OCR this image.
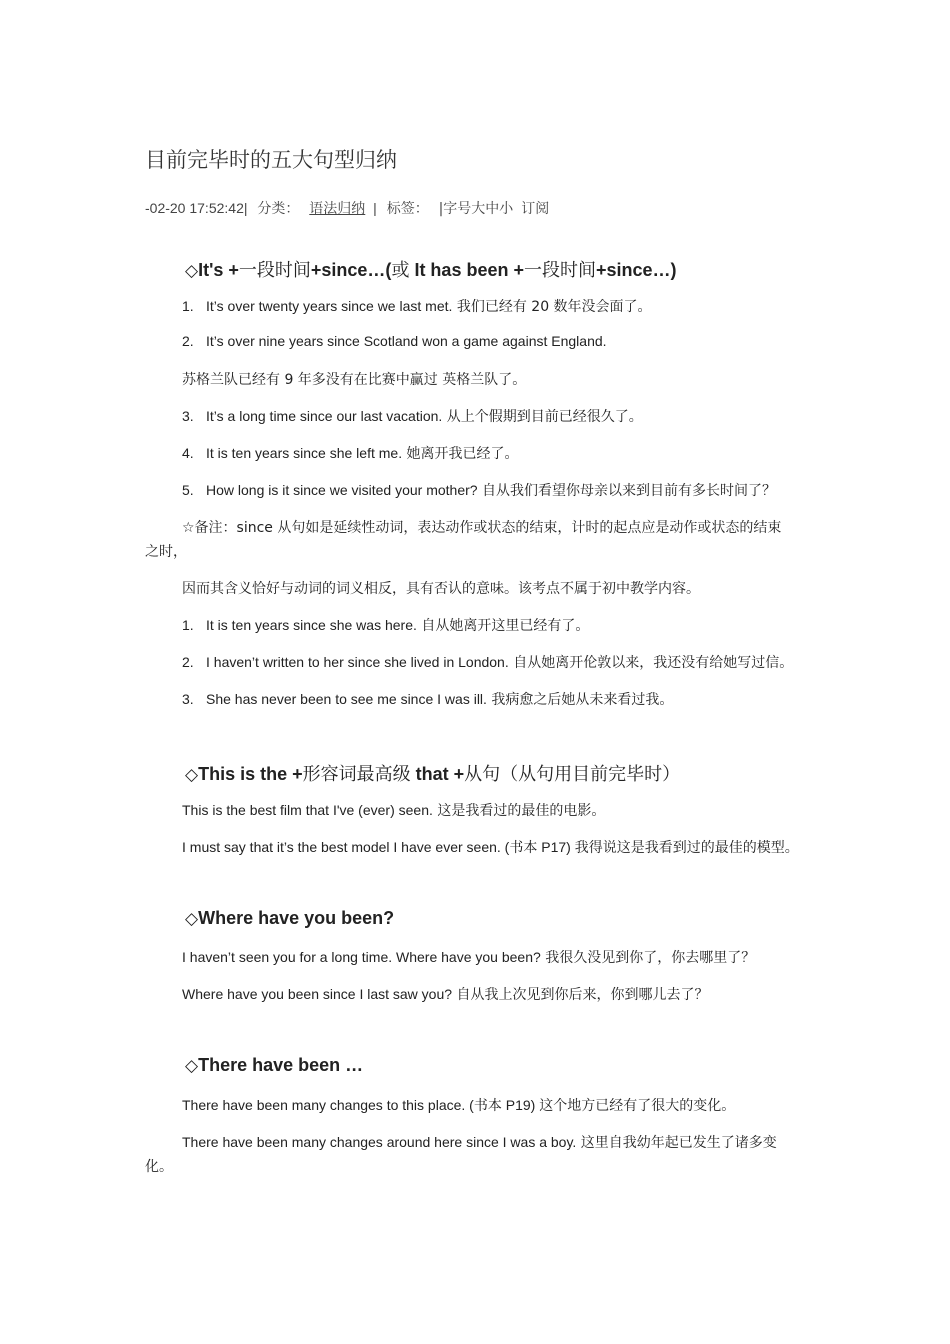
目前完毕时的五大句型归纳
-02-20 17:52:42| 分类： 语法归纳 | 标签： |字号大中小 订阅
◇It's +一段时间+since…(或 It has been +一段时间+since…)

1. It’s over twenty years since we last met. 我们已经有 20 数年没会面了。

2. It’s over nine years since Scotland won a game against England.

苏格兰队已经有 9 年多没有在比赛中赢过 英格兰队了。

3. It’s a long time since our last vacation. 从上个假期到目前已经很久了。

4. It is ten years since she left me. 她离开我已经了。

5. How long is it since we visited your mother? 自从我们看望你母亲以来到目前有多长时间了？

☆备注：since 从句如是延续性动词，表达动作或状态的结束，计时的起点应是动作或状态的结束

之时，

因而其含义恰好与动词的词义相反，具有否认的意味。该考点不属于初中教学内容。

1. It is ten years since she was here. 自从她离开这里已经有了。

2. I haven’t written to her since she lived in London. 自从她离开伦敦以来，我还没有给她写过信。

3. She has never been to see me since I was ill. 我病愈之后她从未来看过我。

◇This is the +形容词最高级 that +从句（从句用目前完毕时）

This is the best film that I've (ever) seen. 这是我看过的最佳的电影。

I must say that it’s the best model I have ever seen. (书本 P17) 我得说这是我看到过的最佳的模型。

◇Where have you been?

I haven’t seen you for a long time. Where have you been? 我很久没见到你了，你去哪里了？

Where have you been since I last saw you? 自从我上次见到你后来，你到哪儿去了？

◇There have been …

There have been many changes to this place. (书本 P19) 这个地方已经有了很大的变化。

There have been many changes around here since I was a boy. 这里自我幼年起已发生了诸多变

化。
